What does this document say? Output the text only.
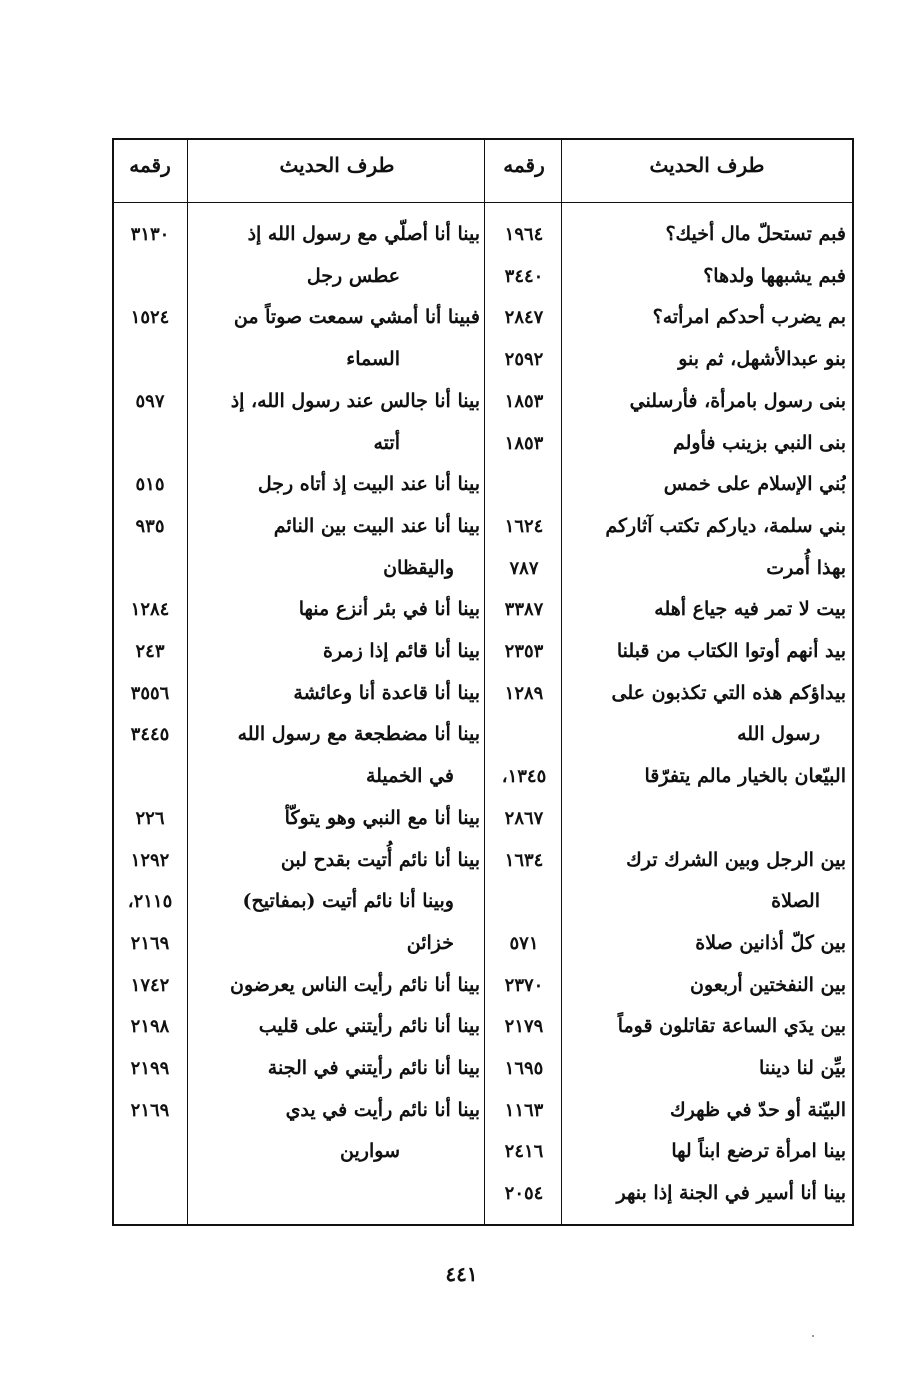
طرف الحديث
رقمه
طرف الحديث
رقمه
فبم تستحلّ مال أخيك؟
١٩٦٤
بينا أنا أصلّي مع رسول الله إذ
٣١٣٠
فبم يشبهها ولدها؟
٣٤٤٠
عطس رجل
بم يضرب أحدكم امرأته؟
٢٨٤٧
فبينا أنا أمشي سمعت صوتاً من
١٥٢٤
بنو عبدالأشهل، ثم بنو
٢٥٩٢
السماء
بنى رسول بامرأة، فأرسلني
١٨٥٣
بينا أنا جالس عند رسول الله، إذ
٥٩٧
بنى النبي بزينب فأولم
١٨٥٣
أتته
بُني الإسلام على خمس
بينا أنا عند البيت إذ أتاه رجل
٥١٥
بني سلمة، دياركم تكتب آثاركم
١٦٢٤
بينا أنا عند البيت بين النائم
٩٣٥
بهذا أُمرت
٧٨٧
واليقظان
بيت لا تمر فيه جياع أهله
٣٣٨٧
بينا أنا في بئر أنزع منها
١٢٨٤
بيد أنهم أوتوا الكتاب من قبلنا
٢٣٥٣
بينا أنا قائم إذا زمرة
٢٤٣
بيداؤكم هذه التي تكذبون على
١٢٨٩
بينا أنا قاعدة أنا وعائشة
٣٥٥٦
رسول الله
بينا أنا مضطجعة مع رسول الله
٣٤٤٥
البيّعان بالخيار مالم يتفرّقا
١٣٤٥،
في الخميلة
٢٨٦٧
بينا أنا مع النبي وهو يتوكّأ
٢٢٦
بين الرجل وبين الشرك ترك
١٦٣٤
بينا أنا نائم أُتيت بقدح لبن
١٢٩٢
الصلاة
وبينا أنا نائم أتيت (بمفاتيح)
٢١١٥،
بين كلّ أذانين صلاة
٥٧١
خزائن
٢١٦٩
بين النفختين أربعون
٢٣٧٠
بينا أنا نائم رأيت الناس يعرضون
١٧٤٢
بين يدَي الساعة تقاتلون قوماً
٢١٧٩
بينا أنا نائم رأيتني على قليب
٢١٩٨
بيِّن لنا ديننا
١٦٩٥
بينا أنا نائم رأيتني في الجنة
٢١٩٩
البيّنة أو حدّ في ظهرك
١١٦٣
بينا أنا نائم رأيت في يدي
٢١٦٩
بينا امرأة ترضع ابناً لها
٢٤١٦
سوارين
بينا أنا أسير في الجنة إذا بنهر
٢٠٥٤
٤٤١
